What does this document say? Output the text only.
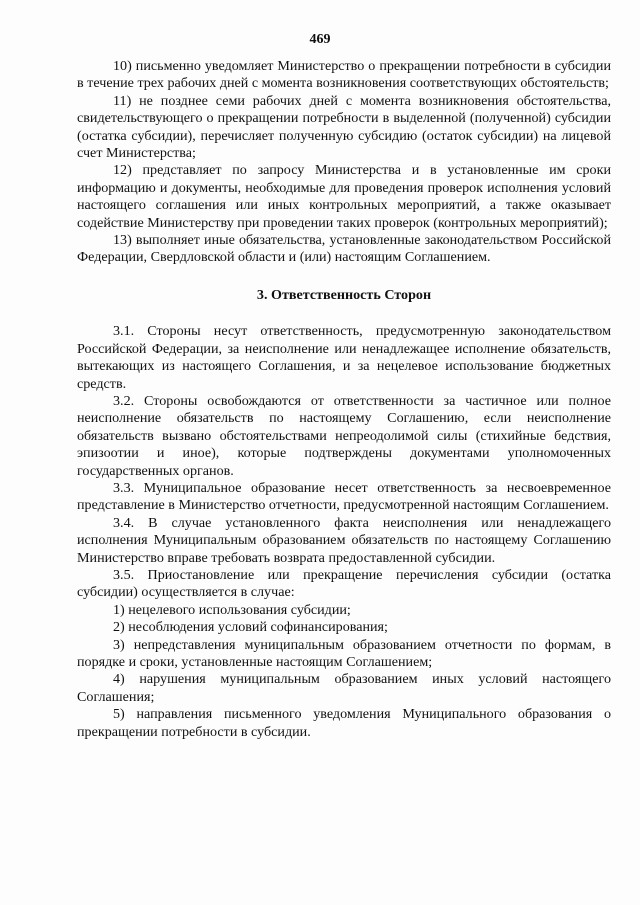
469

10) письменно уведомляет Министерство о прекращении потребности в субсидии в течение трех рабочих дней с момента возникновения соответствующих обстоятельств;

11) не позднее семи рабочих дней с момента возникновения обстоятельства, свидетельствующего о прекращении потребности в выделенной (полученной) субсидии (остатка субсидии), перечисляет полученную субсидию (остаток субсидии) на лицевой счет Министерства;

12) представляет по запросу Министерства и в установленные им сроки информацию и документы, необходимые для проведения проверок исполнения условий настоящего соглашения или иных контрольных мероприятий, а также оказывает содействие Министерству при проведении таких проверок (контрольных мероприятий);

13) выполняет иные обязательства, установленные законодательством Российской Федерации, Свердловской области и (или) настоящим Соглашением.

3. Ответственность Сторон

3.1. Стороны несут ответственность, предусмотренную законодательством Российской Федерации, за неисполнение или ненадлежащее исполнение обязательств, вытекающих из настоящего Соглашения, и за нецелевое использование бюджетных средств.

3.2. Стороны освобождаются от ответственности за частичное или полное неисполнение обязательств по настоящему Соглашению, если неисполнение обязательств вызвано обстоятельствами непреодолимой силы (стихийные бедствия, эпизоотии и иное), которые подтверждены документами уполномоченных государственных органов.

3.3. Муниципальное образование несет ответственность за несвоевременное представление в Министерство отчетности, предусмотренной настоящим Соглашением.

3.4. В случае установленного факта неисполнения или ненадлежащего исполнения Муниципальным образованием обязательств по настоящему Соглашению Министерство вправе требовать возврата предоставленной субсидии.

3.5. Приостановление или прекращение перечисления субсидии (остатка субсидии) осуществляется в случае:

1) нецелевого использования субсидии;

2) несоблюдения условий софинансирования;

3) непредставления муниципальным образованием отчетности по формам, в порядке и сроки, установленные настоящим Соглашением;

4) нарушения муниципальным образованием иных условий настоящего Соглашения;

5) направления письменного уведомления Муниципального образования о прекращении потребности в субсидии.
